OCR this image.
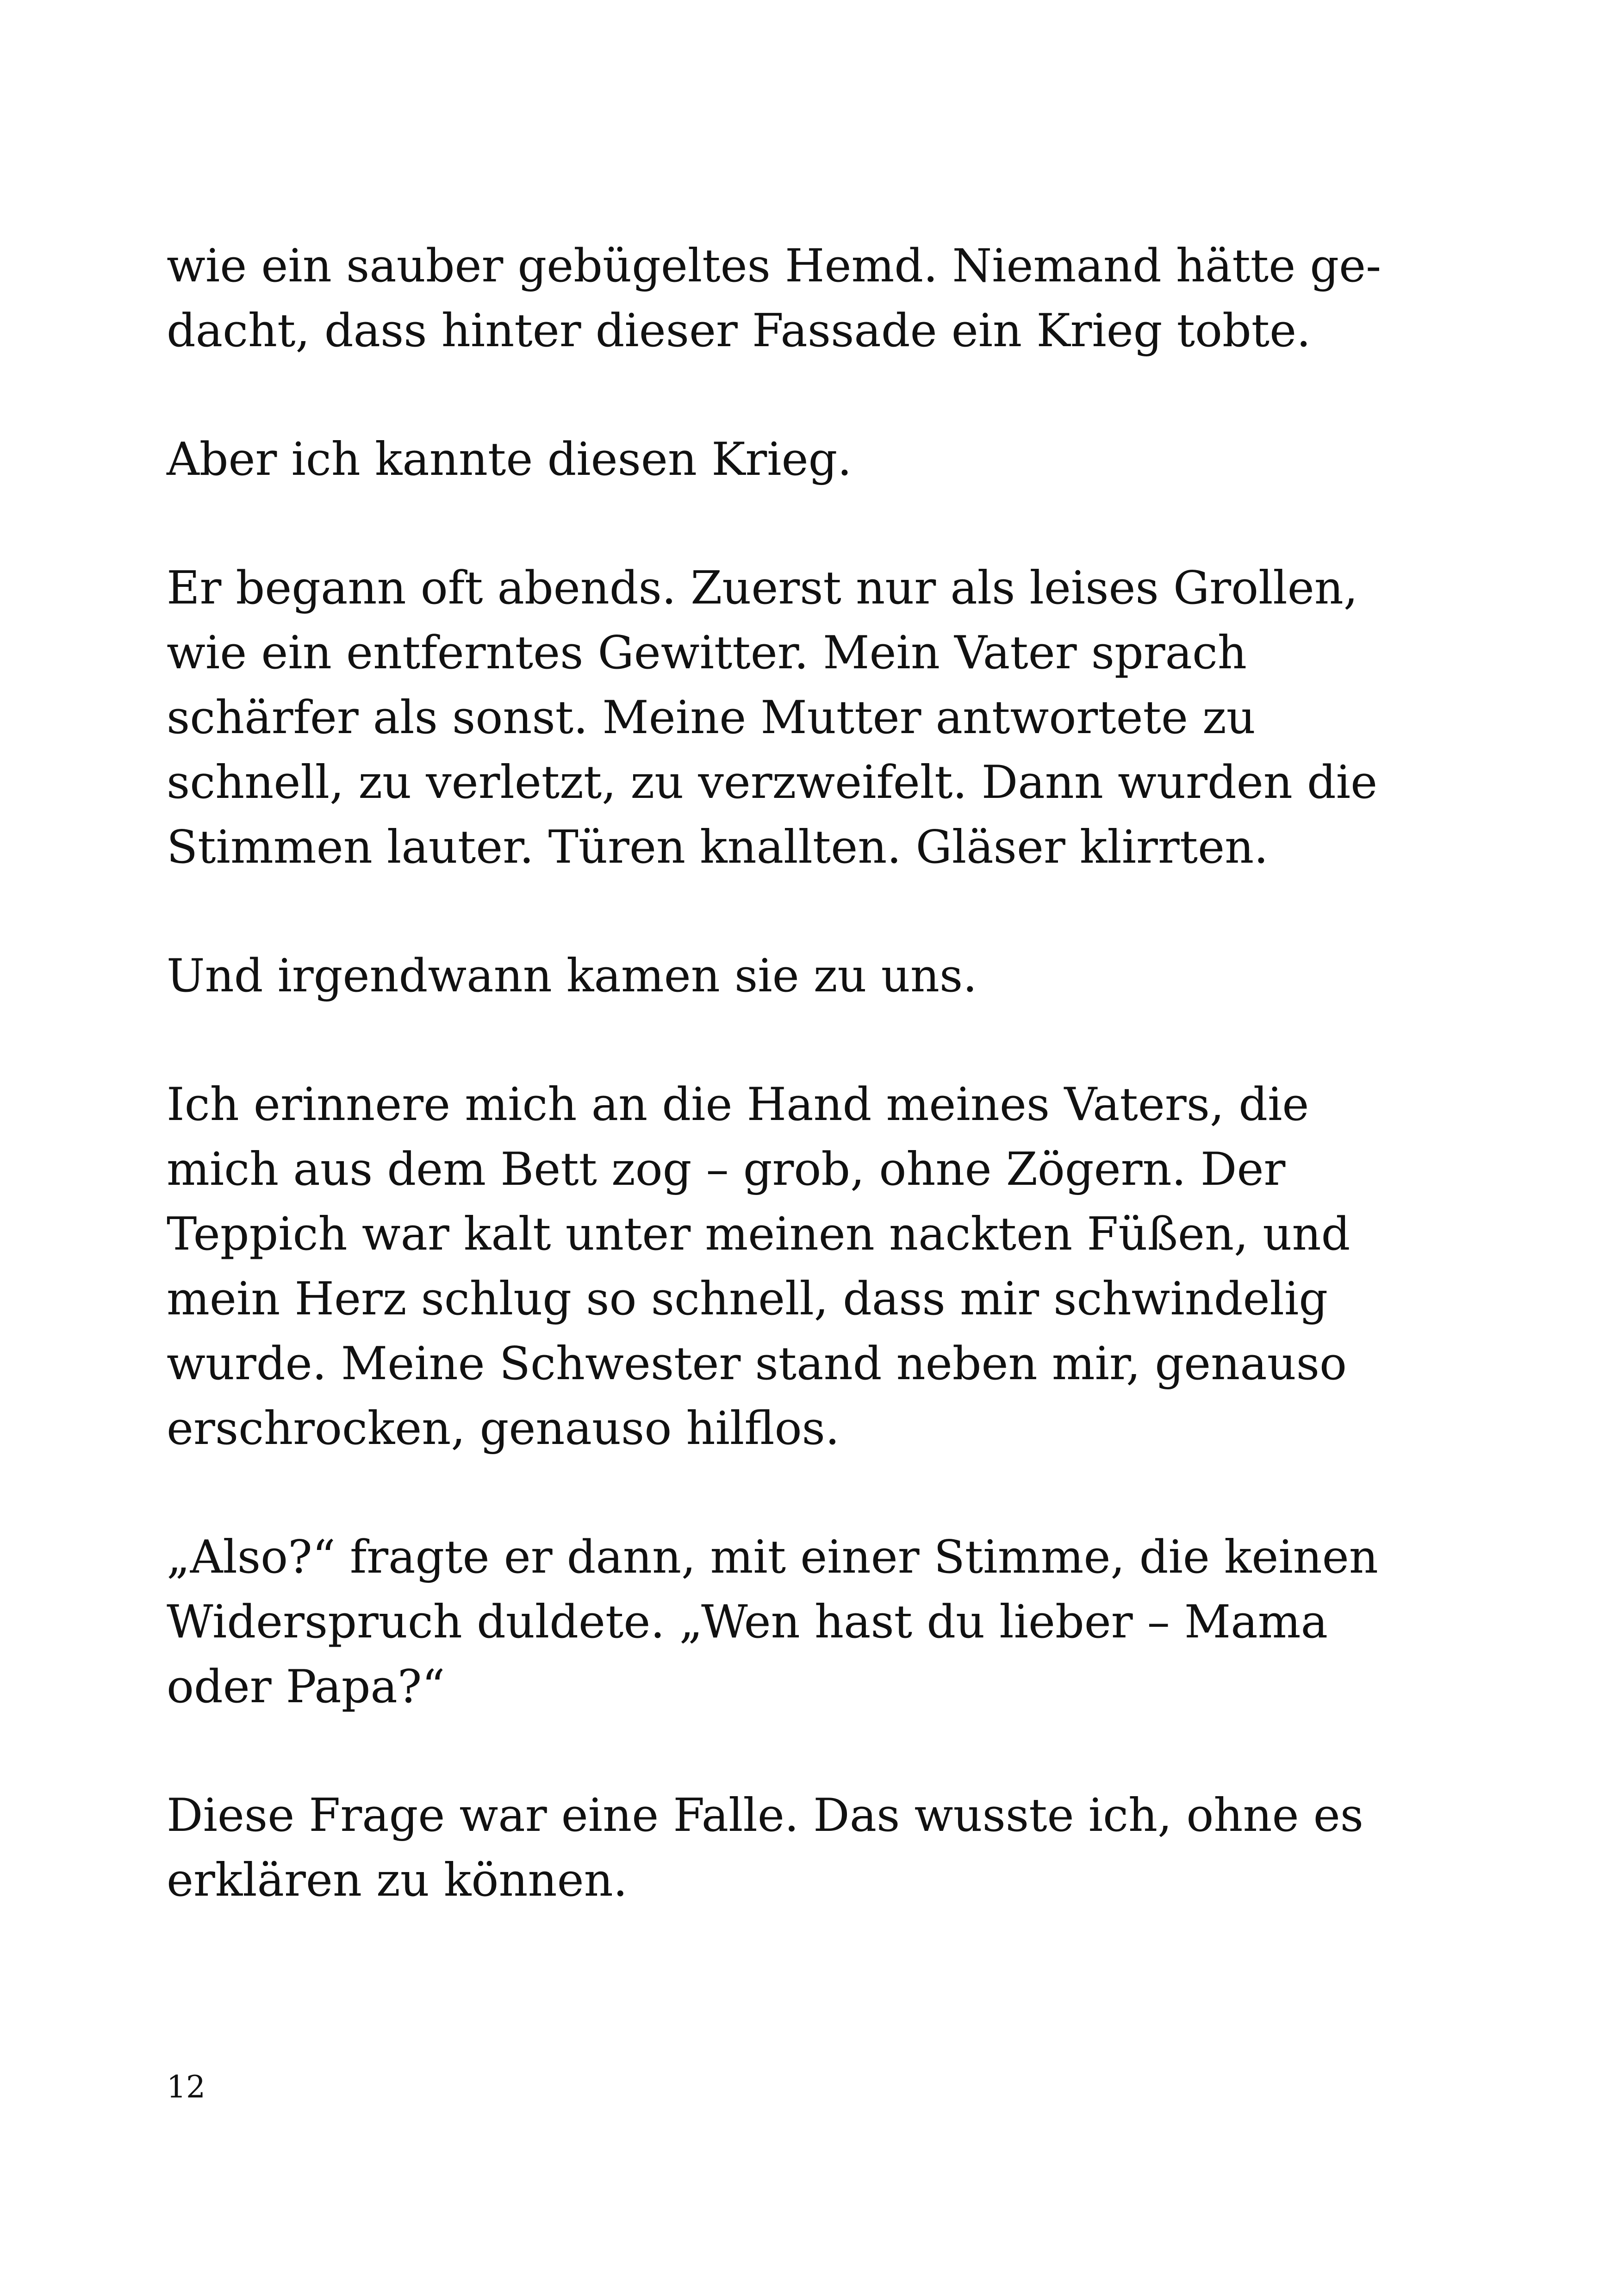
wie ein sauber gebügeltes Hemd. Niemand hätte ge-
dacht, dass hinter dieser Fassade ein Krieg tobte.

Aber ich kannte diesen Krieg.

Er begann oft abends. Zuerst nur als leises Grollen,
wie ein entferntes Gewitter. Mein Vater sprach
schärfer als sonst. Meine Mutter antwortete zu
schnell, zu verletzt, zu verzweifelt. Dann wurden die
Stimmen lauter. Türen knallten. Gläser klirrten.

Und irgendwann kamen sie zu uns.

Ich erinnere mich an die Hand meines Vaters, die
mich aus dem Bett zog – grob, ohne Zögern. Der
Teppich war kalt unter meinen nackten Füßen, und
mein Herz schlug so schnell, dass mir schwindelig
wurde. Meine Schwester stand neben mir, genauso
erschrocken, genauso hilflos.

„Also?“ fragte er dann, mit einer Stimme, die keinen
Widerspruch duldete. „Wen hast du lieber – Mama
oder Papa?“

Diese Frage war eine Falle. Das wusste ich, ohne es
erklären zu können.

12
